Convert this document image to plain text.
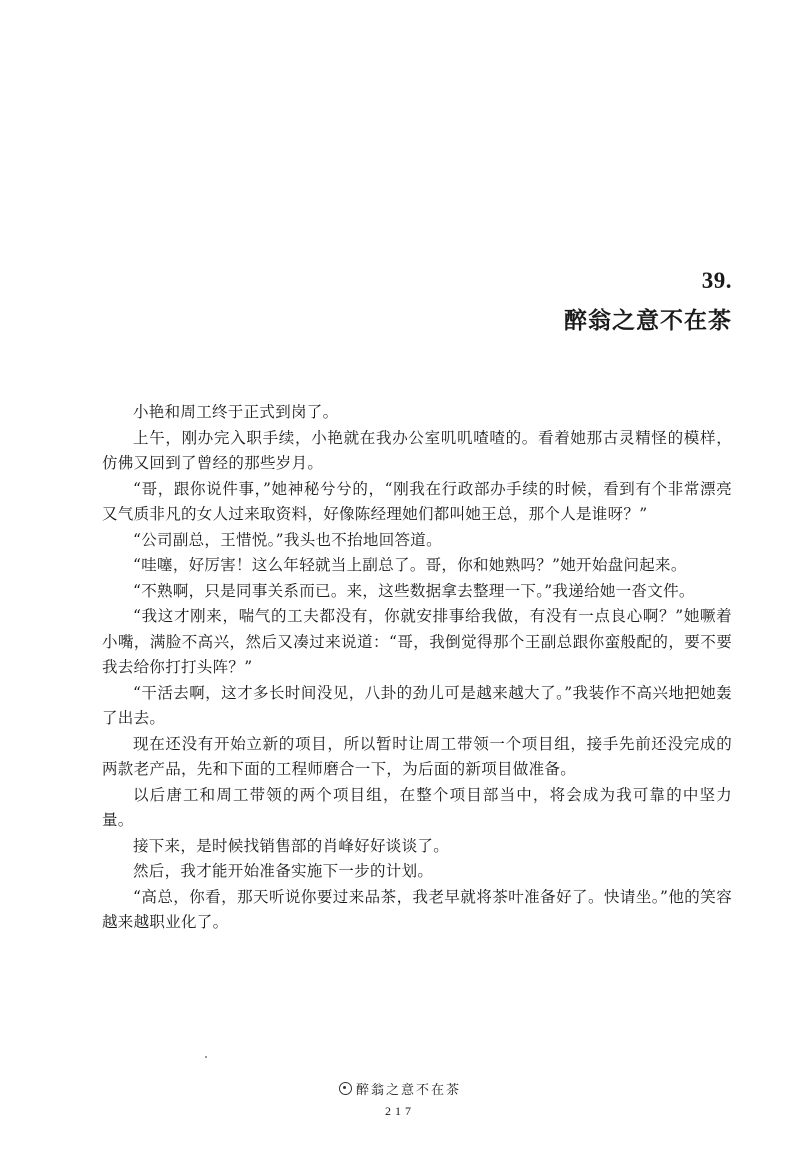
39.
醉翁之意不在茶

小艳和周工终于正式到岗了。

上午，刚办完入职手续，小艳就在我办公室叽叽喳喳的。看着她那古灵精怪的模样，仿佛又回到了曾经的那些岁月。

“哥，跟你说件事，”她神秘兮兮的，“刚我在行政部办手续的时候，看到有个非常漂亮又气质非凡的女人过来取资料，好像陈经理她们都叫她王总，那个人是谁呀？”

“公司副总，王惜悦。”我头也不抬地回答道。

“哇噻，好厉害！这么年轻就当上副总了。哥，你和她熟吗？”她开始盘问起来。

“不熟啊，只是同事关系而已。来，这些数据拿去整理一下。”我递给她一沓文件。

“我这才刚来，喘气的工夫都没有，你就安排事给我做，有没有一点良心啊？”她噘着小嘴，满脸不高兴，然后又凑过来说道：“哥，我倒觉得那个王副总跟你蛮般配的，要不要我去给你打打头阵？”

“干活去啊，这才多长时间没见，八卦的劲儿可是越来越大了。”我装作不高兴地把她轰了出去。

现在还没有开始立新的项目，所以暂时让周工带领一个项目组，接手先前还没完成的两款老产品，先和下面的工程师磨合一下，为后面的新项目做准备。

以后唐工和周工带领的两个项目组，在整个项目部当中，将会成为我可靠的中坚力量。

接下来，是时候找销售部的肖峰好好谈谈了。

然后，我才能开始准备实施下一步的计划。

“高总，你看，那天听说你要过来品茶，我老早就将茶叶准备好了。快请坐。”他的笑容越来越职业化了。

醉翁之意不在茶
217
